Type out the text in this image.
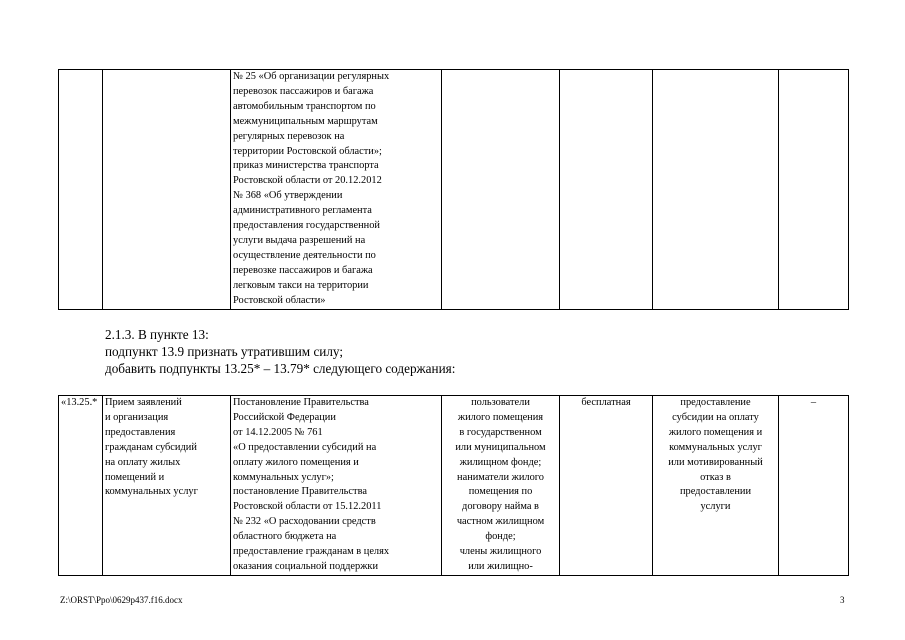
		№ 25 «Об организации регулярных
перевозок пассажиров и багажа
автомобильным транспортом по
межмуниципальным маршрутам
регулярных перевозок на
территории Ростовской области»;
приказ министерства транспорта
Ростовской области от 20.12.2012
№ 368 «Об утверждении
административного регламента
предоставления государственной
услуги выдача разрешений на
осуществление деятельности по
перевозке пассажиров и багажа
легковым такси на территории
Ростовской области»				
2.1.3. В пункте 13:
подпункт 13.9 признать утратившим силу;
добавить подпункты 13.25* – 13.79* следующего содержания:
«13.25.*	Прием заявлений
и организация
предоставления
гражданам субсидий
на оплату жилых
помещений и
коммунальных услуг	Постановление Правительства
Российской Федерации
от 14.12.2005 № 761
«О предоставлении субсидий на
оплату жилого помещения и
коммунальных услуг»;
постановление Правительства
Ростовской области от 15.12.2011
№ 232 «О расходовании средств
областного бюджета на
предоставление гражданам в целях
оказания социальной поддержки	пользователи
жилого помещения
в государственном
или муниципальном
жилищном фонде;
наниматели жилого
помещения по
договору найма в
частном жилищном
фонде;
члены жилищного
или жилищно-	бесплатная	предоставление
субсидии на оплату
жилого помещения и
коммунальных услуг
или мотивированный
отказ в
предоставлении
услуги	–
Z:\ORST\Ppo\0629p437.f16.docx	3
